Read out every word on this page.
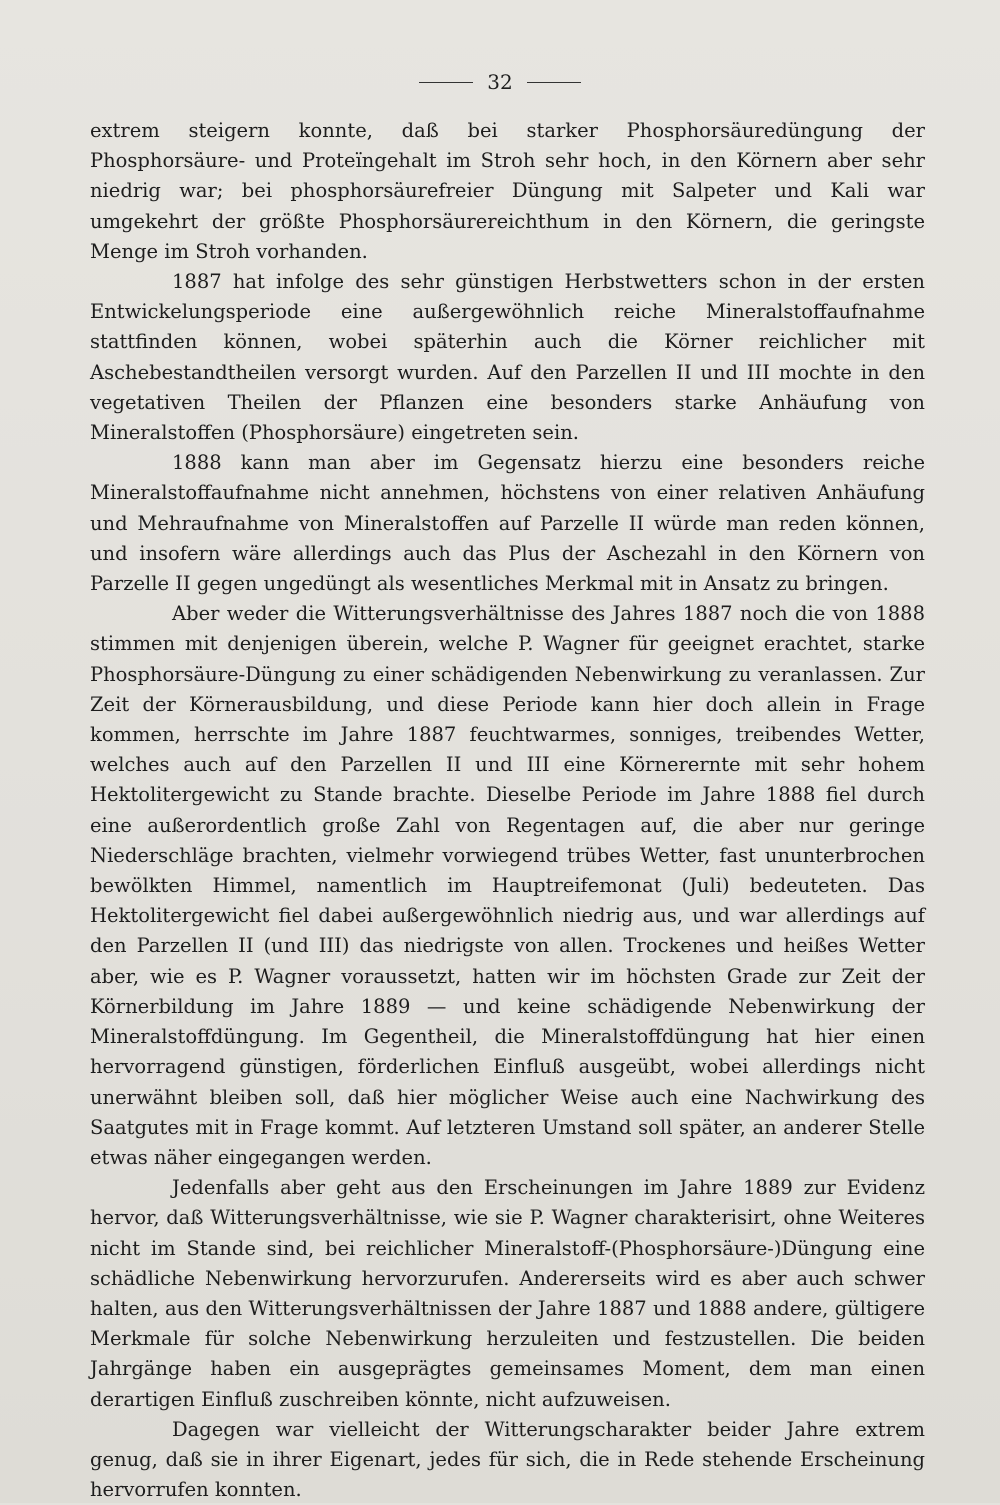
32

extrem steigern konnte, daß bei starker Phosphorsäuredüngung der Phosphorsäure- und Proteïngehalt im Stroh sehr hoch, in den Körnern aber sehr niedrig war; bei phosphorsäurefreier Düngung mit Salpeter und Kali war umgekehrt der größte Phosphorsäurereichthum in den Körnern, die geringste Menge im Stroh vorhanden.

1887 hat infolge des sehr günstigen Herbstwetters schon in der ersten Entwickelungsperiode eine außergewöhnlich reiche Mineralstoffaufnahme stattfinden können, wobei späterhin auch die Körner reichlicher mit Aschebestandtheilen versorgt wurden. Auf den Parzellen II und III mochte in den vegetativen Theilen der Pflanzen eine besonders starke Anhäufung von Mineralstoffen (Phosphorsäure) eingetreten sein.

1888 kann man aber im Gegensatz hierzu eine besonders reiche Mineralstoffaufnahme nicht annehmen, höchstens von einer relativen Anhäufung und Mehraufnahme von Mineralstoffen auf Parzelle II würde man reden können, und insofern wäre allerdings auch das Plus der Aschezahl in den Körnern von Parzelle II gegen ungedüngt als wesentliches Merkmal mit in Ansatz zu bringen.

Aber weder die Witterungsverhältnisse des Jahres 1887 noch die von 1888 stimmen mit denjenigen überein, welche P. Wagner für geeignet erachtet, starke Phosphorsäure-Düngung zu einer schädigenden Nebenwirkung zu veranlassen. Zur Zeit der Körnerausbildung, und diese Periode kann hier doch allein in Frage kommen, herrschte im Jahre 1887 feuchtwarmes, sonniges, treibendes Wetter, welches auch auf den Parzellen II und III eine Körnerernte mit sehr hohem Hektolitergewicht zu Stande brachte. Dieselbe Periode im Jahre 1888 fiel durch eine außerordentlich große Zahl von Regentagen auf, die aber nur geringe Niederschläge brachten, vielmehr vorwiegend trübes Wetter, fast ununterbrochen bewölkten Himmel, namentlich im Hauptreifemonat (Juli) bedeuteten. Das Hektolitergewicht fiel dabei außergewöhnlich niedrig aus, und war allerdings auf den Parzellen II (und III) das niedrigste von allen. Trockenes und heißes Wetter aber, wie es P. Wagner voraussetzt, hatten wir im höchsten Grade zur Zeit der Körnerbildung im Jahre 1889 — und keine schädigende Nebenwirkung der Mineralstoffdüngung. Im Gegentheil, die Mineralstoffdüngung hat hier einen hervorragend günstigen, förderlichen Einfluß ausgeübt, wobei allerdings nicht unerwähnt bleiben soll, daß hier möglicher Weise auch eine Nachwirkung des Saatgutes mit in Frage kommt. Auf letzteren Umstand soll später, an anderer Stelle etwas näher eingegangen werden.

Jedenfalls aber geht aus den Erscheinungen im Jahre 1889 zur Evidenz hervor, daß Witterungsverhältnisse, wie sie P. Wagner charakterisirt, ohne Weiteres nicht im Stande sind, bei reichlicher Mineralstoff-(Phosphorsäure-)Düngung eine schädliche Nebenwirkung hervorzurufen. Andererseits wird es aber auch schwer halten, aus den Witterungsverhältnissen der Jahre 1887 und 1888 andere, gültigere Merkmale für solche Nebenwirkung herzuleiten und festzustellen. Die beiden Jahrgänge haben ein ausgeprägtes gemeinsames Moment, dem man einen derartigen Einfluß zuschreiben könnte, nicht aufzuweisen.

Dagegen war vielleicht der Witterungscharakter beider Jahre extrem genug, daß sie in ihrer Eigenart, jedes für sich, die in Rede stehende Erscheinung hervorrufen konnten.
